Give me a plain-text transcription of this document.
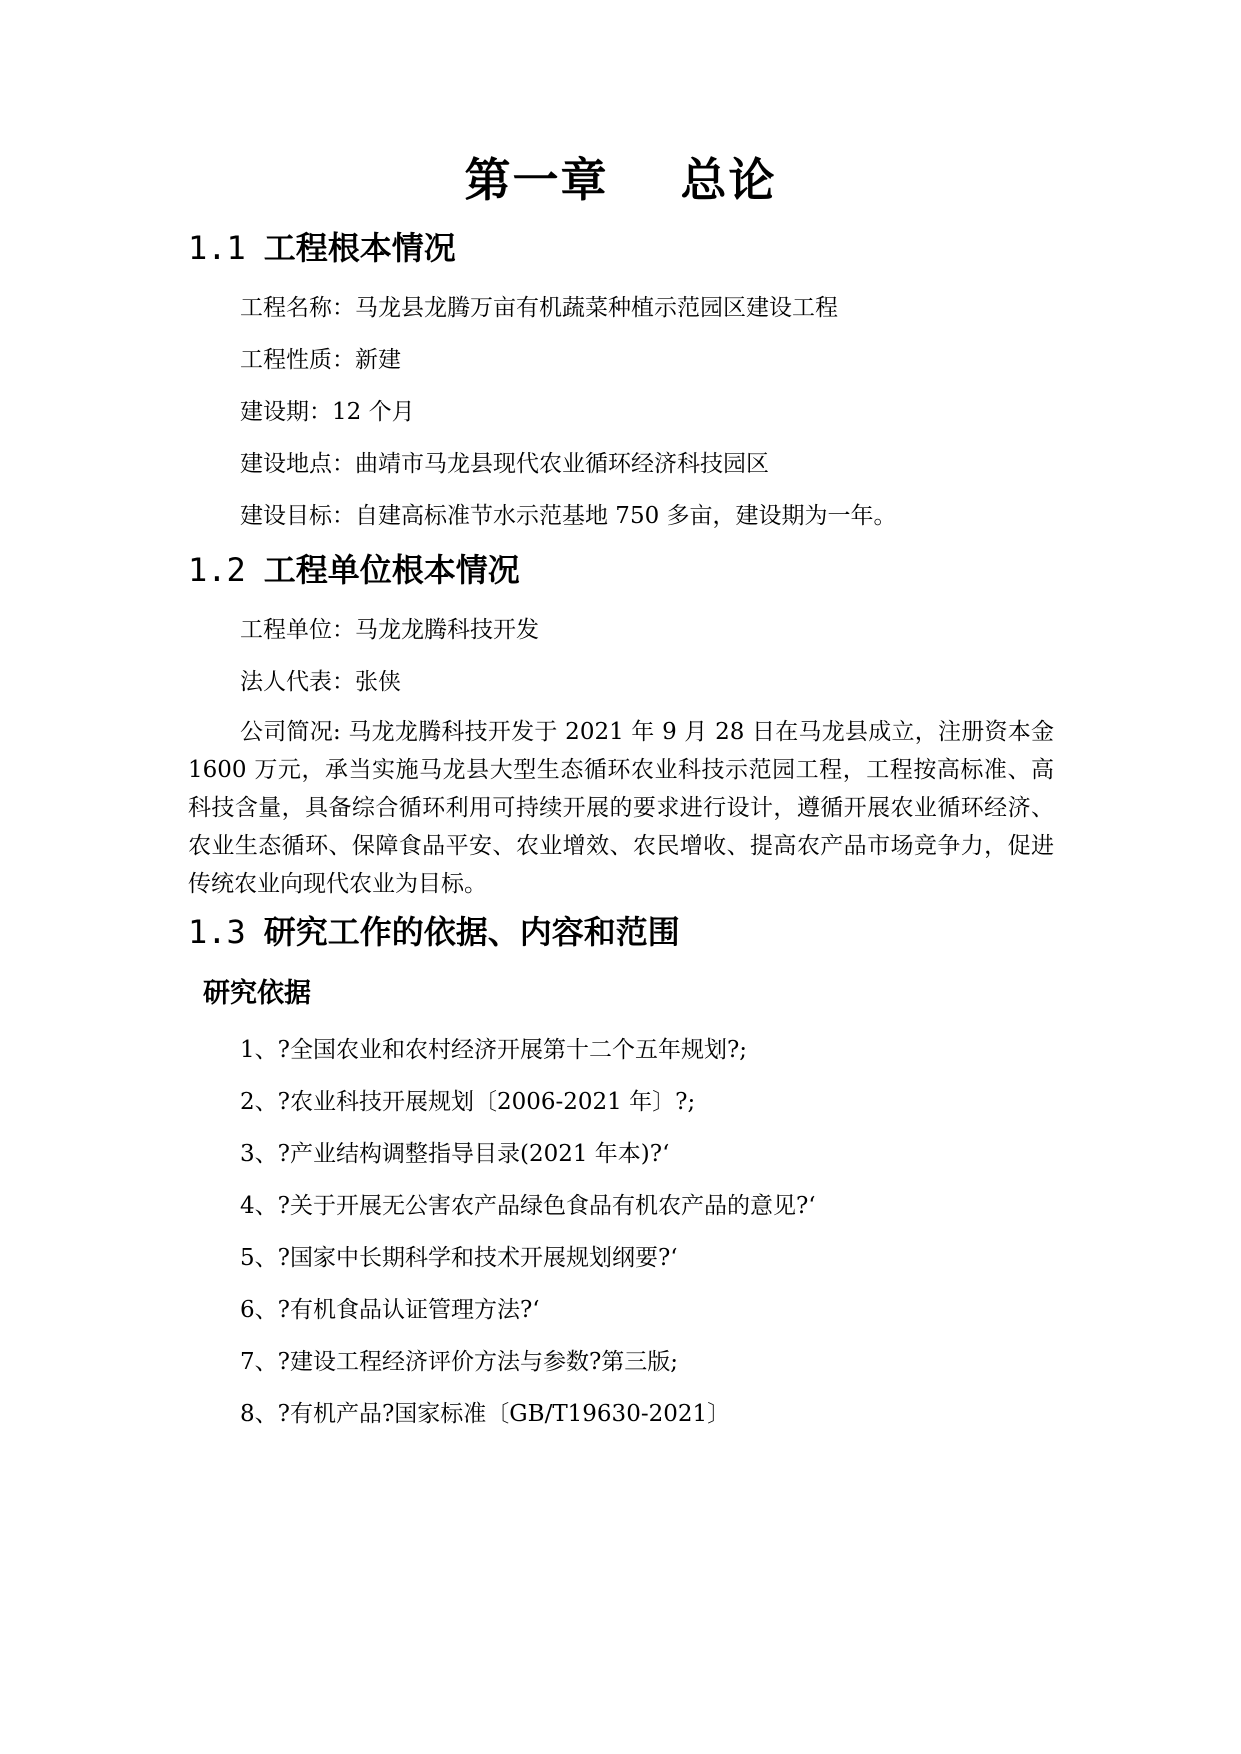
第一章    总论
1.1 工程根本情况
工程名称：马龙县龙腾万亩有机蔬菜种植示范园区建设工程
工程性质：新建
建设期：12 个月
建设地点：曲靖市马龙县现代农业循环经济科技园区
建设目标：自建高标准节水示范基地 750 多亩，建设期为一年。
1.2 工程单位根本情况
工程单位：马龙龙腾科技开发
法人代表：张侠
公司简况: 马龙龙腾科技开发于 2021 年 9 月 28 日在马龙县成立，注册资本金 1600 万元，承当实施马龙县大型生态循环农业科技示范园工程，工程按高标准、高科技含量，具备综合循环利用可持续开展的要求进行设计，遵循开展农业循环经济、农业生态循环、保障食品平安、农业增效、农民增收、提高农产品市场竞争力，促进传统农业向现代农业为目标。
1.3 研究工作的依据、内容和范围
研究依据
1、?全国农业和农村经济开展第十二个五年规划?;
2、?农业科技开展规划〔2006-2021 年〕?;
3、?产业结构调整指导目录(2021 年本)?‘
4、?关于开展无公害农产品绿色食品有机农产品的意见?‘
5、?国家中长期科学和技术开展规划纲要?‘
6、?有机食品认证管理方法?‘
7、?建设工程经济评价方法与参数?第三版;
8、?有机产品?国家标准〔GB/T19630-2021〕
